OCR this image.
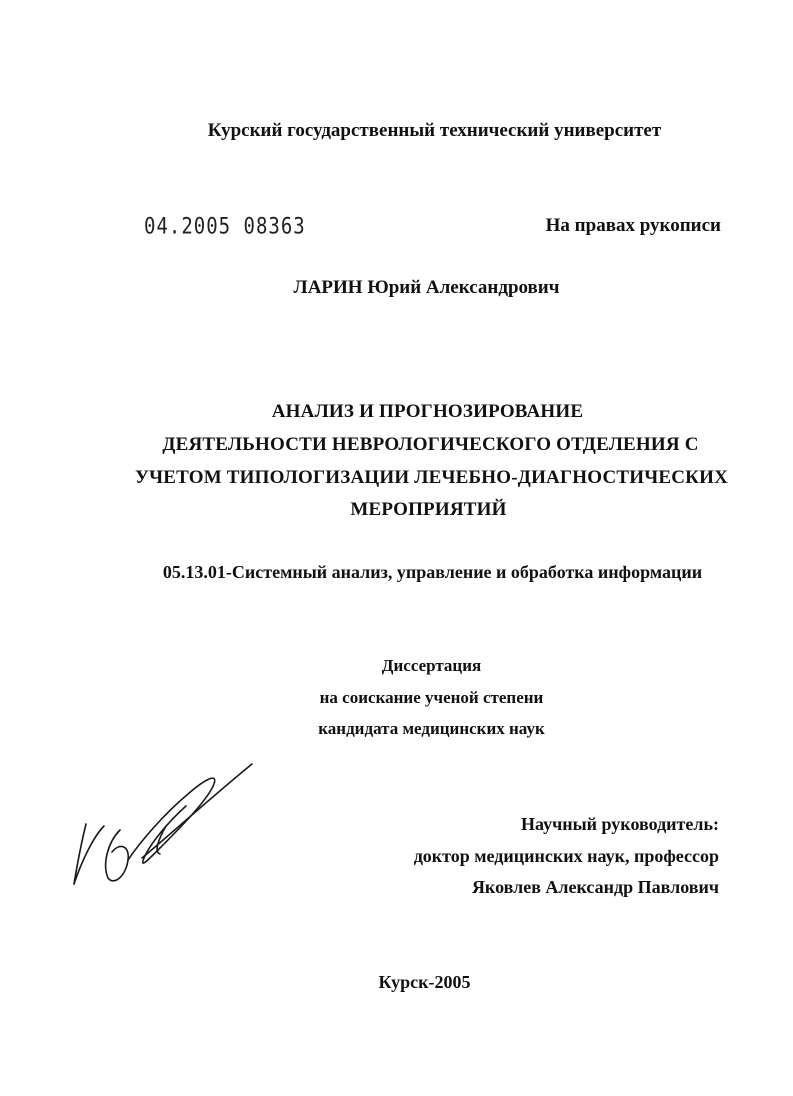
Курский государственный технический университет
04.2005 08363	На правах рукописи
ЛАРИН Юрий Александрович
АНАЛИЗ И ПРОГНОЗИРОВАНИЕ
ДЕЯТЕЛЬНОСТИ НЕВРОЛОГИЧЕСКОГО ОТДЕЛЕНИЯ С
УЧЕТОМ ТИПОЛОГИЗАЦИИ ЛЕЧЕБНО-ДИАГНОСТИЧЕСКИХ
МЕРОПРИЯТИЙ
05.13.01-Системный анализ, управление и обработка информации
Диссертация
на соискание ученой степени
кандидата медицинских наук
Научный руководитель:
доктор медицинских наук, профессор
Яковлев Александр Павлович
Курск-2005
